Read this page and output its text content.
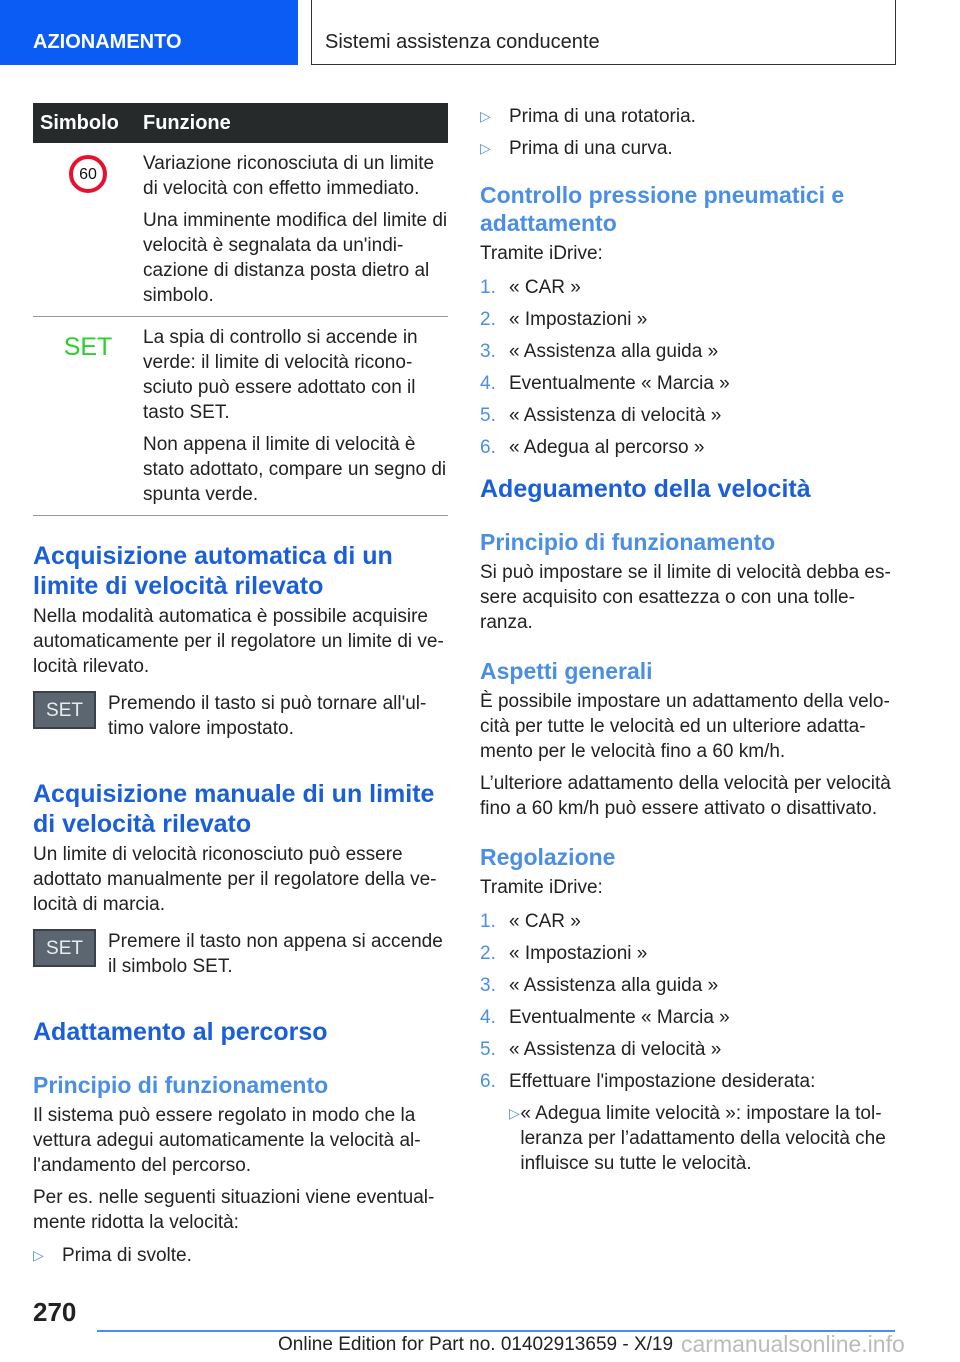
AZIONAMENTO	Sistemi assistenza conducente
Simbolo	Funzione
60	Variazione riconosciuta di un limite di velocità con effetto immediato.

Una imminente modifica del limite di velocità è segnalata da un'indicazione di distanza posta dietro al simbolo.

SET La spia di controllo si accende in verde: il limite di velocità riconosciuto può essere adottato con il tasto SET.

Non appena il limite di velocità è stato adottato, compare un segno di spunta verde.

Acquisizione automatica di un limite di velocità rilevato

Nella modalità automatica è possibile acquisire automaticamente per il regolatore un limite di velocità rilevato.

SET	Premendo il tasto si può tornare all'ultimo valore impostato.

Acquisizione manuale di un limite di velocità rilevato

Un limite di velocità riconosciuto può essere adottato manualmente per il regolatore della velocità di marcia.

SET	Premere il tasto non appena si accende il simbolo SET.

Adattamento al percorso
Principio di funzionamento

Il sistema può essere regolato in modo che la vettura adegui automaticamente la velocità all'andamento del percorso.

Per es. nelle seguenti situazioni viene eventualmente ridotta la velocità:

▷ Prima di svolte.
▷ Prima di una rotatoria.
▷ Prima di una curva.
Controllo pressione pneumatici e adattamento

Tramite iDrive:

1. « CAR »
2. « Impostazioni »
3. « Assistenza alla guida »
4. Eventualmente « Marcia »
5. « Assistenza di velocità »
6. « Adegua al percorso »
Adeguamento della velocità
Principio di funzionamento

Si può impostare se il limite di velocità debba essere acquisito con esattezza o con una tolleranza.

Aspetti generali

È possibile impostare un adattamento della velocità per tutte le velocità ed un ulteriore adattamento per le velocità fino a 60 km/h.

L’ulteriore adattamento della velocità per velocità fino a 60 km/h può essere attivato o disattivato.

Regolazione

Tramite iDrive:

1. « CAR »
2. « Impostazioni »
3. « Assistenza alla guida »
4. Eventualmente « Marcia »
5. « Assistenza di velocità »
6. Effettuare l'impostazione desiderata:
▷ « Adegua limite velocità »: impostare la tolleranza per l’adattamento della velocità che influisce su tutte le velocità.
270
Online Edition for Part no. 01402913659 - X/19 carmanualsonline.info
